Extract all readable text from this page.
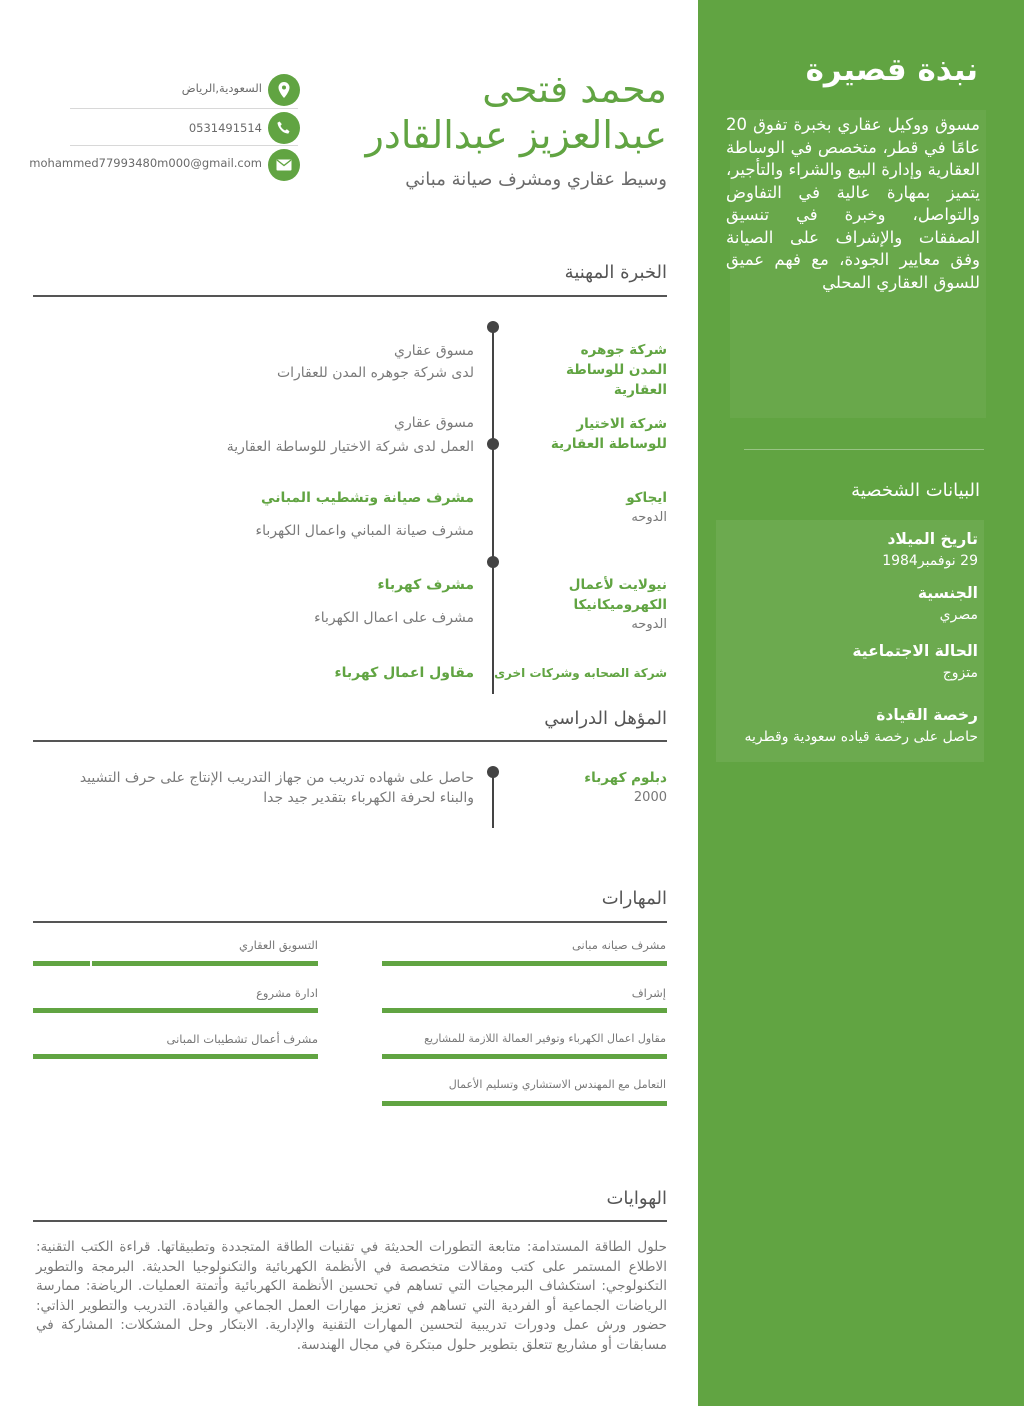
نبذة قصيرة
مسوق ووكيل عقاري بخبرة تفوق 20 عامًا في قطر، متخصص في الوساطة العقارية وإدارة البيع والشراء والتأجير، يتميز بمهارة عالية في التفاوض والتواصل، وخبرة في تنسيق الصفقات والإشراف على الصيانة وفق معايير الجودة، مع فهم عميق للسوق العقاري المحلي
البيانات الشخصية
تاريخ الميلاد
29 نوفمبر1984
الجنسية
مصري
الحالة الاجتماعية
متزوج
رخصة القيادة
حاصل على رخصة قياده سعودية وقطريه
محمد فتحى
عبدالعزيز عبدالقادر
وسيط عقاري ومشرف صيانة مباني
السعودية,الرياض
0531491514
mohammed77993480m000@gmail.com
الخبرة المهنية
شركة جوهره المدن للوساطة العقارية
مسوق عقاري
لدى شركة جوهره المدن للعقارات
شركة الاختيار للوساطة العقارية
مسوق عقاري
العمل لدى شركة الاختيار للوساطة العقارية
ايجاكو
الدوحه
مشرف صيانة وتشطيب المباني
مشرف صيانة المباني واعمال الكهرباء
نيولايت لأعمال الكهروميكانيكا
الدوحه
مشرف كهرباء
مشرف على اعمال الكهرباء
شركة الصحابه وشركات اخرى
مقاول اعمال كهرباء
المؤهل الدراسي
دبلوم كهرباء
2000
حاصل على شهاده تدريب من جهاز التدريب الإنتاج على حرف التشييد
والبناء لحرفة الكهرباء بتقدير جيد جدا
المهارات
مشرف صيانه مبانى
التسويق العقاري
إشراف
ادارة مشروع
مقاول اعمال الكهرباء وتوفير العمالة اللازمة للمشاريع
مشرف أعمال تشطيبات المبانى
التعامل مع المهندس الاستشاري وتسليم الأعمال
الهوايات
حلول الطاقة المستدامة: متابعة التطورات الحديثة في تقنيات الطاقة المتجددة وتطبيقاتها. قراءة الكتب التقنية: الاطلاع المستمر على كتب ومقالات متخصصة في الأنظمة الكهربائية والتكنولوجيا الحديثة. البرمجة والتطوير التكنولوجي: استكشاف البرمجيات التي تساهم في تحسين الأنظمة الكهربائية وأتمتة العمليات. الرياضة: ممارسة الرياضات الجماعية أو الفردية التي تساهم في تعزيز مهارات العمل الجماعي والقيادة. التدريب والتطوير الذاتي: حضور ورش عمل ودورات تدريبية لتحسين المهارات التقنية والإدارية. الابتكار وحل المشكلات: المشاركة في مسابقات أو مشاريع تتعلق بتطوير حلول مبتكرة في مجال الهندسة.
